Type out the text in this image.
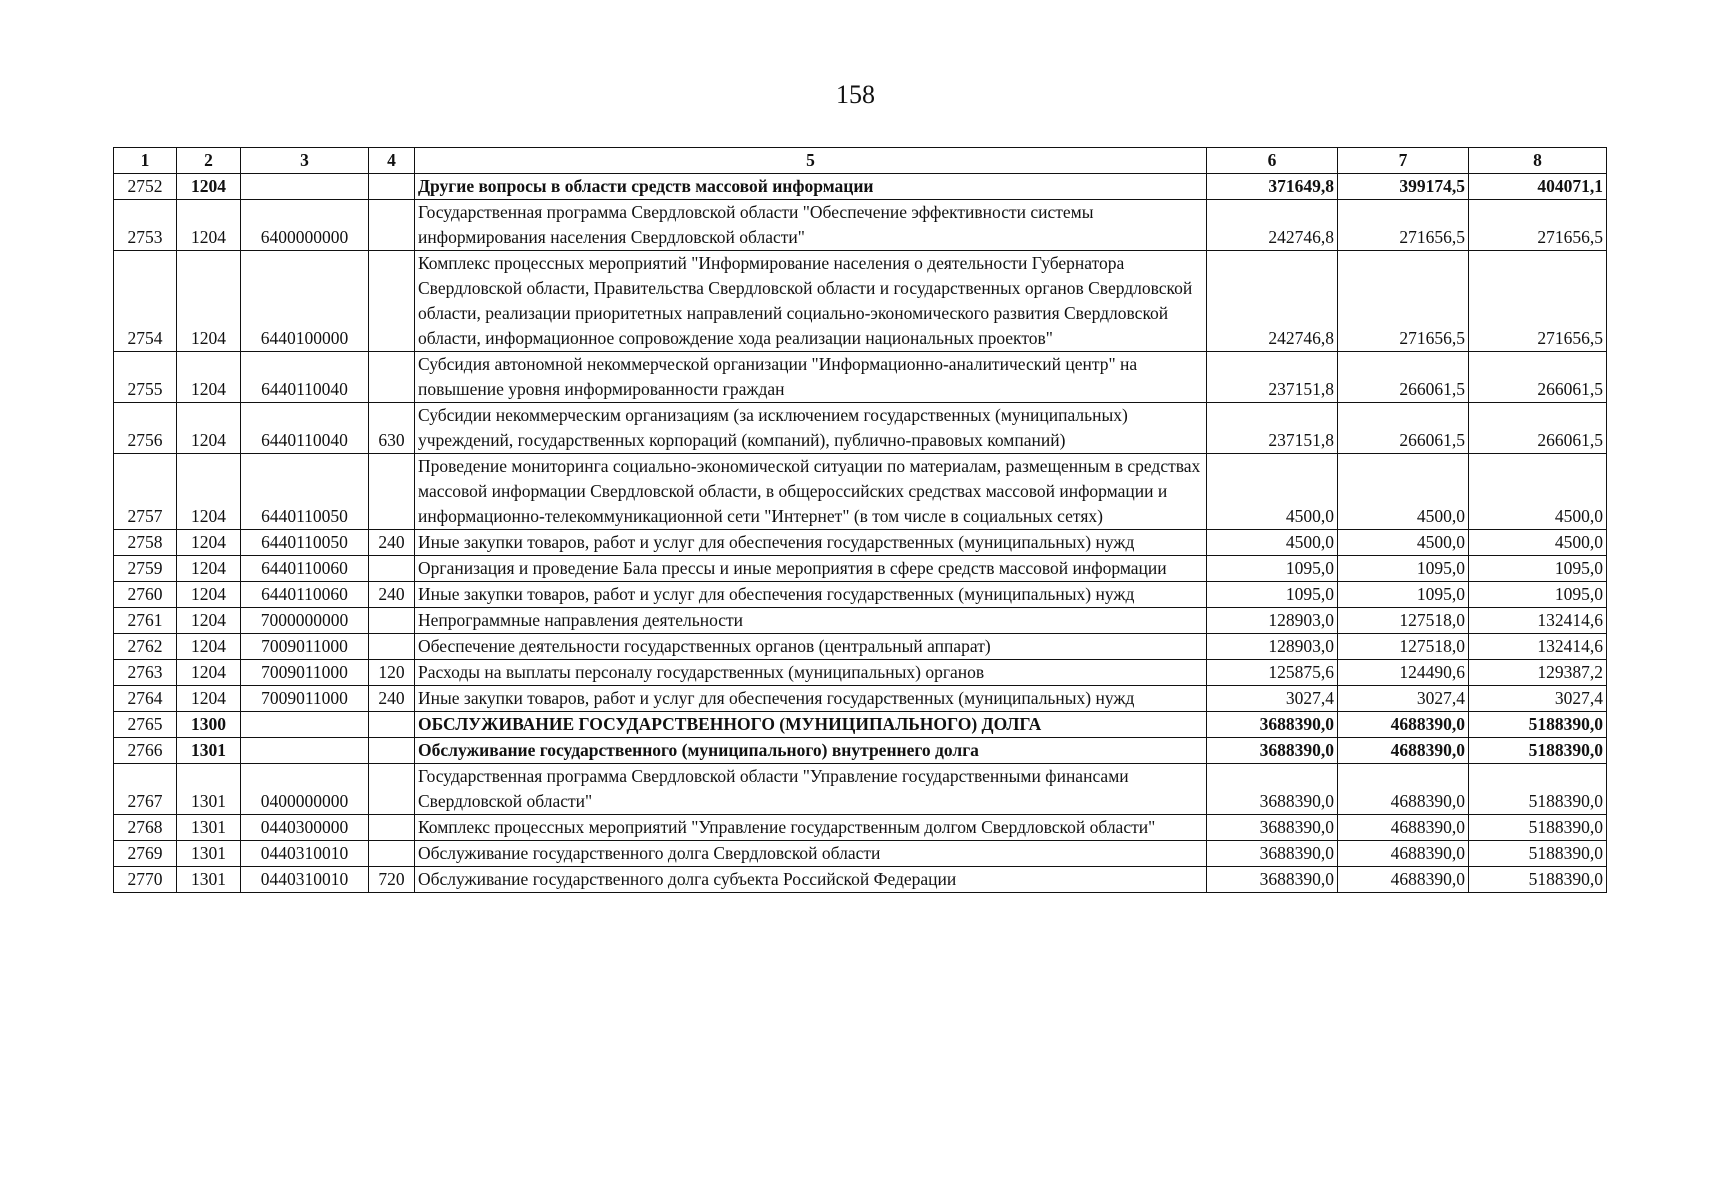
158
1	2	3	4	5	6	7	8
2752	1204			Другие вопросы в области средств массовой информации	371649,8	399174,5	404071,1
2753	1204	6400000000		Государственная программа Свердловской области "Обеспечение эффективности системы информирования населения Свердловской области"	242746,8	271656,5	271656,5
2754	1204	6440100000		Комплекс процессных мероприятий "Информирование населения о деятельности Губернатора Свердловской области, Правительства Свердловской области и государственных органов Свердловской области, реализации приоритетных направлений социально-экономического развития Свердловской области, информационное сопровождение хода реализации национальных проектов"	242746,8	271656,5	271656,5
2755	1204	6440110040		Субсидия автономной некоммерческой организации "Информационно-аналитический центр" на повышение уровня информированности граждан	237151,8	266061,5	266061,5
2756	1204	6440110040	630	Субсидии некоммерческим организациям (за исключением государственных (муниципальных) учреждений, государственных корпораций (компаний), публично-правовых компаний)	237151,8	266061,5	266061,5
2757	1204	6440110050		Проведение мониторинга социально-экономической ситуации по материалам, размещенным в средствах массовой информации Свердловской области, в общероссийских средствах массовой информации и информационно-телекоммуникационной сети "Интернет" (в том числе в социальных сетях)	4500,0	4500,0	4500,0
2758	1204	6440110050	240	Иные закупки товаров, работ и услуг для обеспечения государственных (муниципальных) нужд	4500,0	4500,0	4500,0
2759	1204	6440110060		Организация и проведение Бала прессы и иные мероприятия в сфере средств массовой информации	1095,0	1095,0	1095,0
2760	1204	6440110060	240	Иные закупки товаров, работ и услуг для обеспечения государственных (муниципальных) нужд	1095,0	1095,0	1095,0
2761	1204	7000000000		Непрограммные направления деятельности	128903,0	127518,0	132414,6
2762	1204	7009011000		Обеспечение деятельности государственных органов (центральный аппарат)	128903,0	127518,0	132414,6
2763	1204	7009011000	120	Расходы на выплаты персоналу государственных (муниципальных) органов	125875,6	124490,6	129387,2
2764	1204	7009011000	240	Иные закупки товаров, работ и услуг для обеспечения государственных (муниципальных) нужд	3027,4	3027,4	3027,4
2765	1300			ОБСЛУЖИВАНИЕ ГОСУДАРСТВЕННОГО (МУНИЦИПАЛЬНОГО) ДОЛГА	3688390,0	4688390,0	5188390,0
2766	1301			Обслуживание государственного (муниципального) внутреннего долга	3688390,0	4688390,0	5188390,0
2767	1301	0400000000		Государственная программа Свердловской области "Управление государственными финансами Свердловской области"	3688390,0	4688390,0	5188390,0
2768	1301	0440300000		Комплекс процессных мероприятий "Управление государственным долгом Свердловской области"	3688390,0	4688390,0	5188390,0
2769	1301	0440310010		Обслуживание государственного долга Свердловской области	3688390,0	4688390,0	5188390,0
2770	1301	0440310010	720	Обслуживание государственного долга субъекта Российской Федерации	3688390,0	4688390,0	5188390,0
